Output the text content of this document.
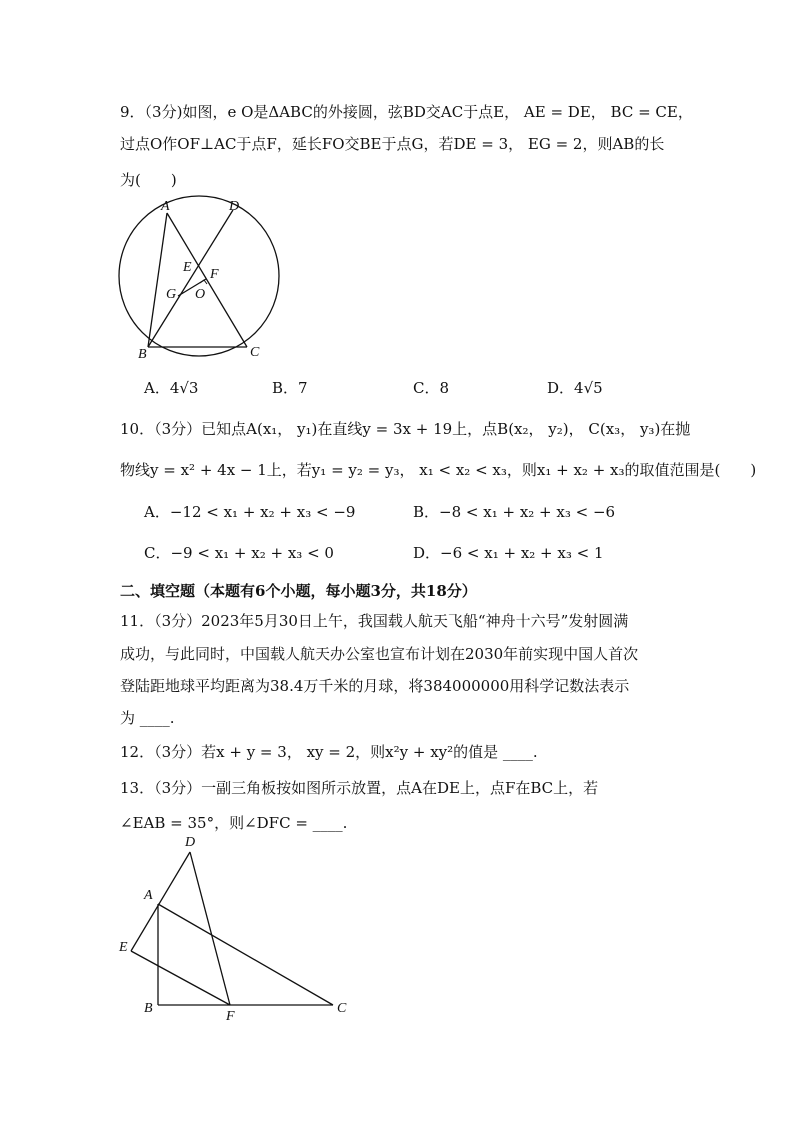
9．（3分)如图，e O是ΔABC的外接圆，弦BD交AC于点E， AE = DE， BC = CE，
过点O作OF⊥AC于点F，延长FO交BE于点G，若DE = 3， EG = 2，则AB的长
为(　　)
A	D
E F
G O
B	C
A．4√3	B．7	C．8	D．4√5
10．（3分）已知点A(x₁， y₁)在直线y = 3x + 19上，点B(x₂， y₂)， C(x₃， y₃)在抛
物线y = x² + 4x − 1上，若y₁ = y₂ = y₃， x₁ < x₂ < x₃，则x₁ + x₂ + x₃的取值范围是(　　)
A．−12 < x₁ + x₂ + x₃ < −9	B．−8 < x₁ + x₂ + x₃ < −6
C．−9 < x₁ + x₂ + x₃ < 0	D．−6 < x₁ + x₂ + x₃ < 1
二、填空题（本题有6个小题，每小题3分，共18分）
11．（3分）2023年5月30日上午，我国载人航天飞船“神舟十六号”发射圆满
成功，与此同时，中国载人航天办公室也宣布计划在2030年前实现中国人首次
登陆距地球平均距离为38.4万千米的月球，将384000000用科学记数法表示
为 ____.
12．（3分）若x + y = 3， xy = 2，则x²y + xy²的值是 ____.
13．（3分）一副三角板按如图所示放置，点A在DE上，点F在BC上，若
∠EAB = 35°，则∠DFC = ____.
D
A
E
B
F
C
